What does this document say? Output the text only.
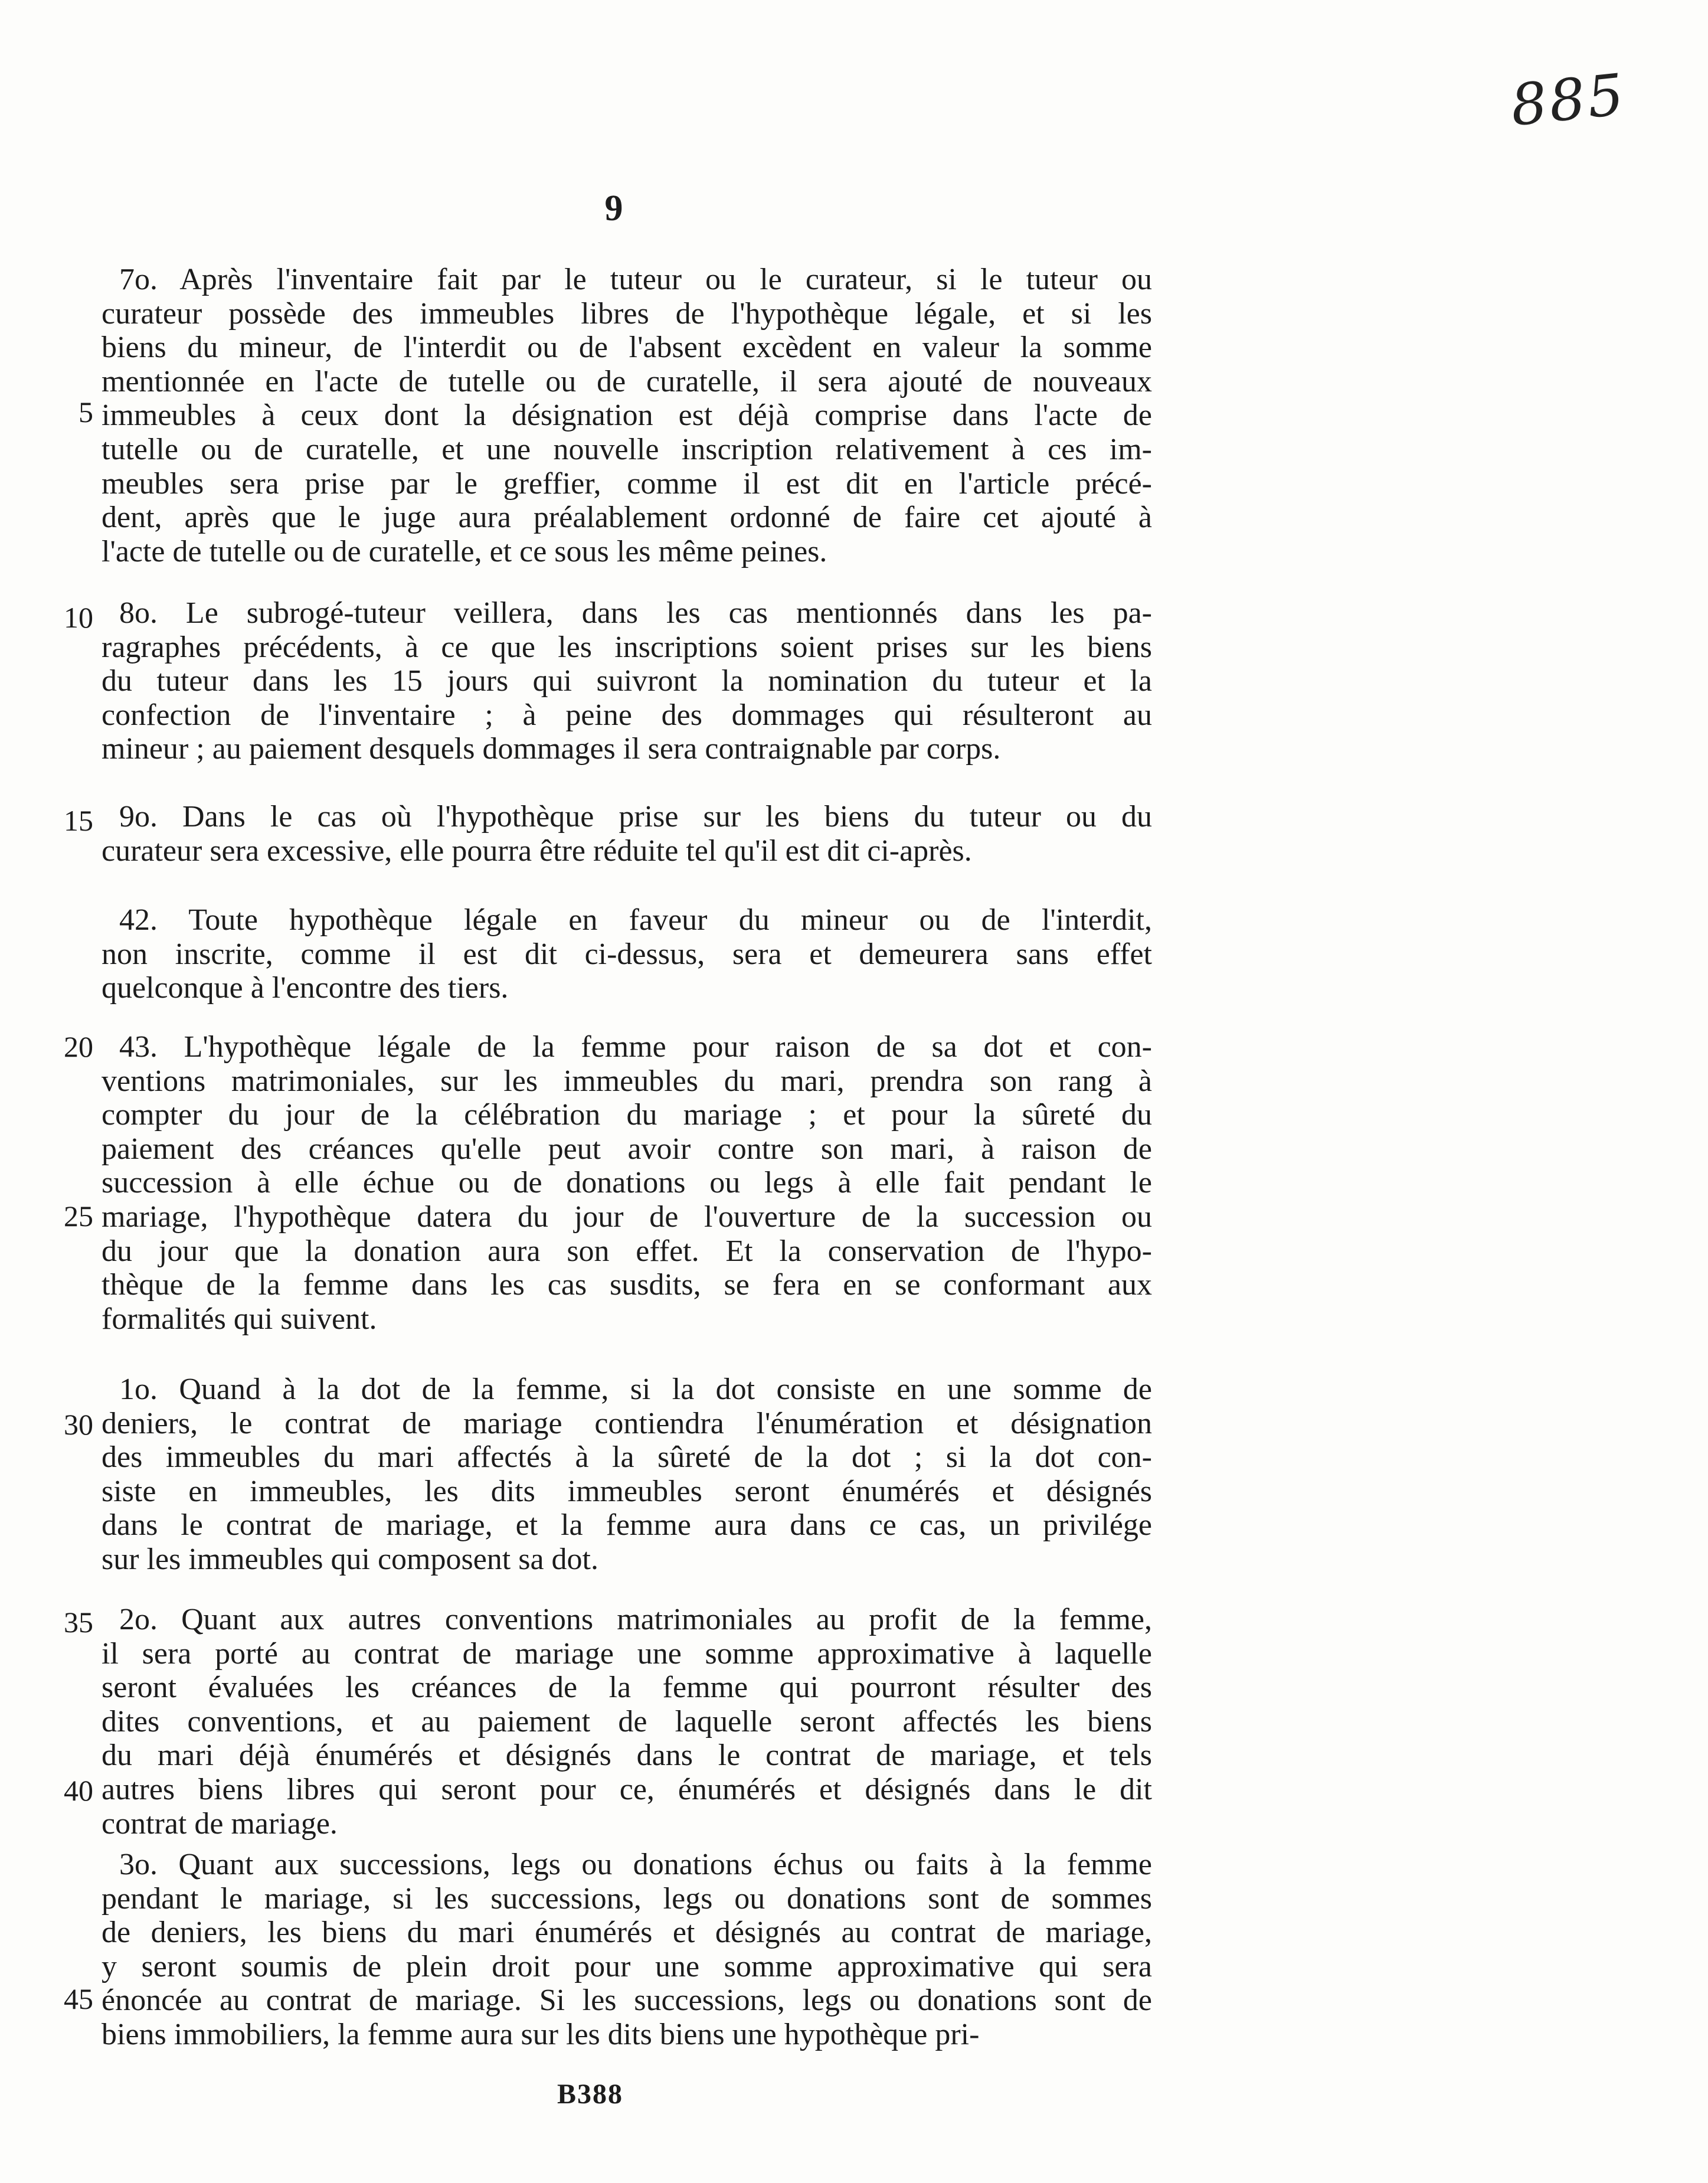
885
9
5
10
15
20
25
30
35
40
45
7o. Après l'inventaire fait par le tuteur ou le curateur, si le tuteur ou
curateur possède des immeubles libres de l'hypothèque légale, et si les
biens du mineur, de l'interdit ou de l'absent excèdent en valeur la somme
mentionnée en l'acte de tutelle ou de curatelle, il sera ajouté de nouveaux
immeubles à ceux dont la désignation est déjà comprise dans l'acte de
tutelle ou de curatelle, et une nouvelle inscription relativement à ces im-
meubles sera prise par le greffier, comme il est dit en l'article précé-
dent, après que le juge aura préalablement ordonné de faire cet ajouté à
l'acte de tutelle ou de curatelle, et ce sous les même peines.
8o. Le subrogé-tuteur veillera, dans les cas mentionnés dans les pa-
ragraphes précédents, à ce que les inscriptions soient prises sur les biens
du tuteur dans les 15 jours qui suivront la nomination du tuteur et la
confection de l'inventaire ; à peine des dommages qui résulteront au
mineur ; au paiement desquels dommages il sera contraignable par corps.
9o. Dans le cas où l'hypothèque prise sur les biens du tuteur ou du
curateur sera excessive, elle pourra être réduite tel qu'il est dit ci-après.
42. Toute hypothèque légale en faveur du mineur ou de l'interdit,
non inscrite, comme il est dit ci-dessus, sera et demeurera sans effet
quelconque à l'encontre des tiers.
43. L'hypothèque légale de la femme pour raison de sa dot et con-
ventions matrimoniales, sur les immeubles du mari, prendra son rang à
compter du jour de la célébration du mariage ; et pour la sûreté du
paiement des créances qu'elle peut avoir contre son mari, à raison de
succession à elle échue ou de donations ou legs à elle fait pendant le
mariage, l'hypothèque datera du jour de l'ouverture de la succession ou
du jour que la donation aura son effet. Et la conservation de l'hypo-
thèque de la femme dans les cas susdits, se fera en se conformant aux
formalités qui suivent.
1o. Quand à la dot de la femme, si la dot consiste en une somme de
deniers, le contrat de mariage contiendra l'énumération et désignation
des immeubles du mari affectés à la sûreté de la dot ; si la dot con-
siste en immeubles, les dits immeubles seront énumérés et désignés
dans le contrat de mariage, et la femme aura dans ce cas, un privilége
sur les immeubles qui composent sa dot.
2o. Quant aux autres conventions matrimoniales au profit de la femme,
il sera porté au contrat de mariage une somme approximative à laquelle
seront évaluées les créances de la femme qui pourront résulter des
dites conventions, et au paiement de laquelle seront affectés les biens
du mari déjà énumérés et désignés dans le contrat de mariage, et tels
autres biens libres qui seront pour ce, énumérés et désignés dans le dit
contrat de mariage.
3o. Quant aux successions, legs ou donations échus ou faits à la femme
pendant le mariage, si les successions, legs ou donations sont de sommes
de deniers, les biens du mari énumérés et désignés au contrat de mariage,
y seront soumis de plein droit pour une somme approximative qui sera
énoncée au contrat de mariage. Si les successions, legs ou donations sont de
biens immobiliers, la femme aura sur les dits biens une hypothèque pri-
B388
